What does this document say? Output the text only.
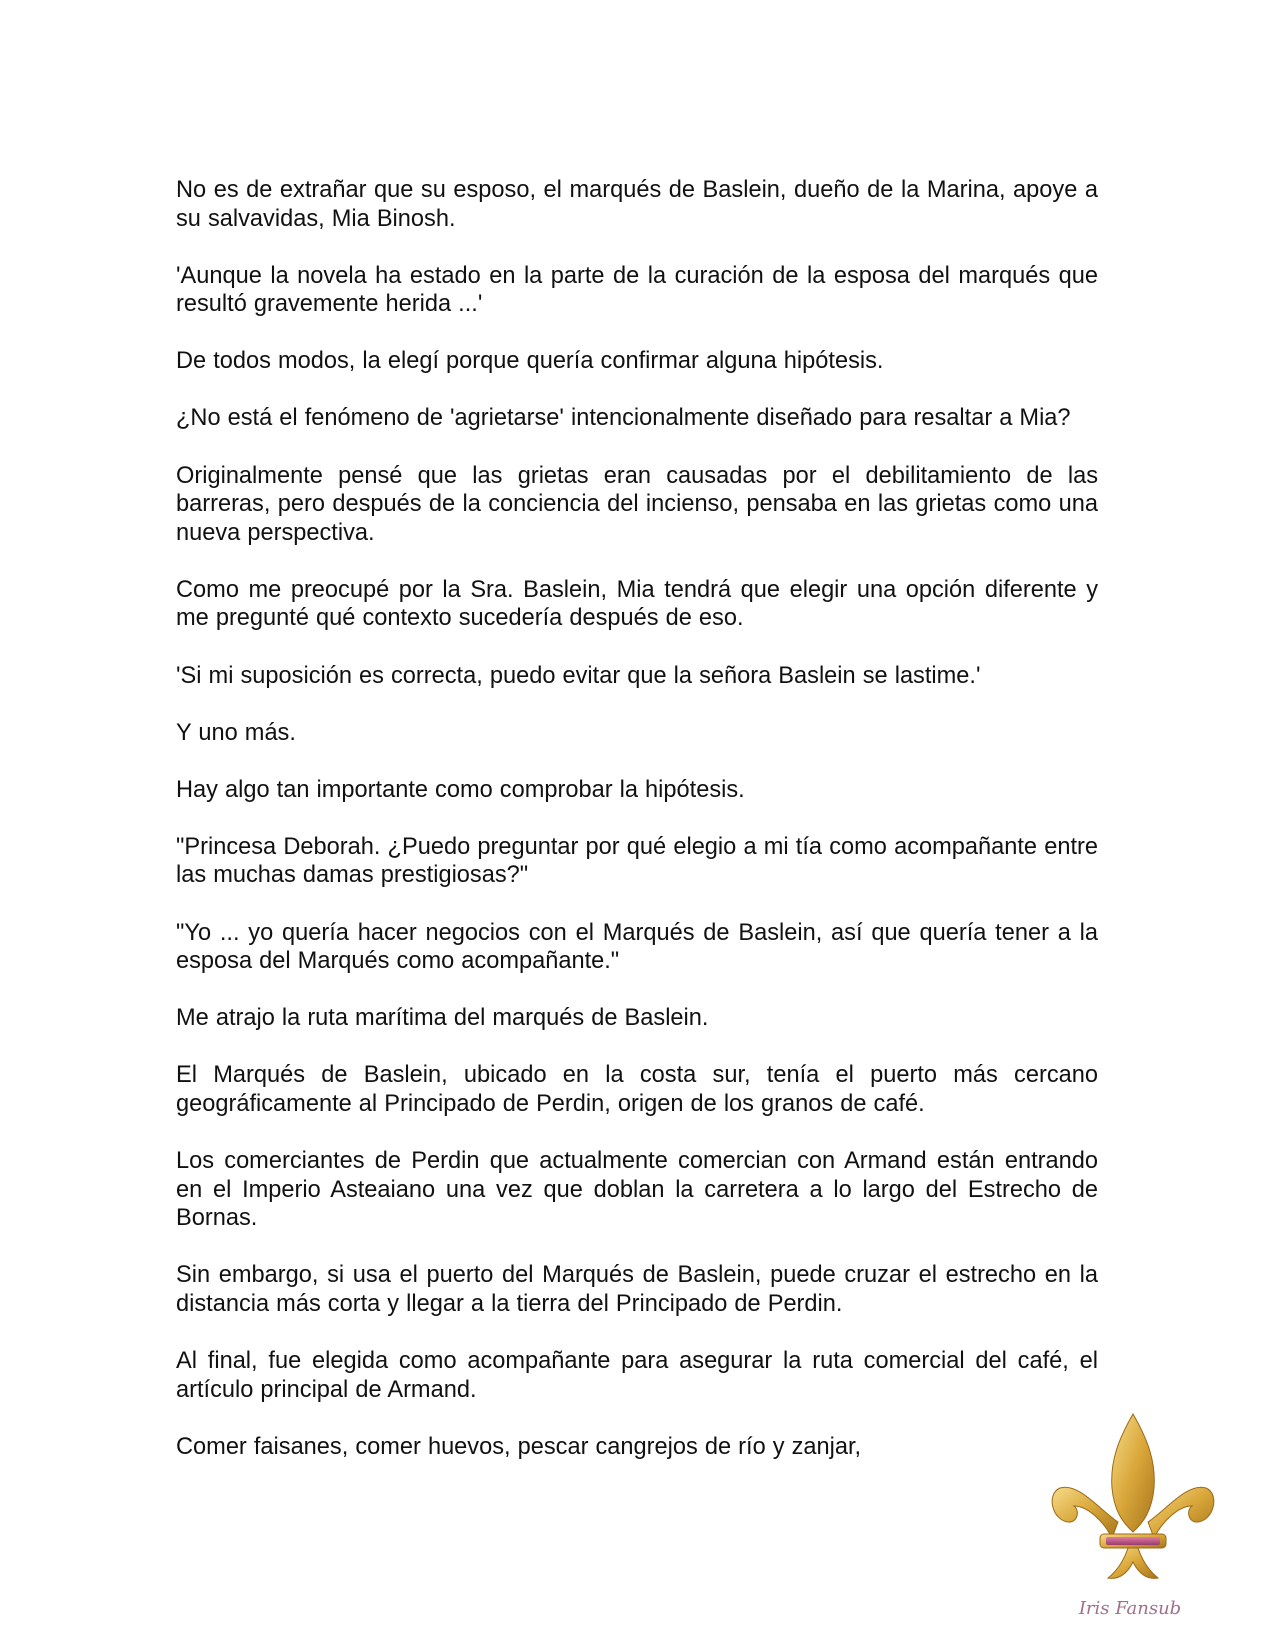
No es de extrañar que su esposo, el marqués de Baslein, dueño de la Marina, apoye a su salvavidas, Mia Binosh.

'Aunque la novela ha estado en la parte de la curación de la esposa del marqués que resultó gravemente herida ...'

De todos modos, la elegí porque quería confirmar alguna hipótesis.

¿No está el fenómeno de 'agrietarse' intencionalmente diseñado para resaltar a Mia?

Originalmente pensé que las grietas eran causadas por el debilitamiento de las barreras, pero después de la conciencia del incienso, pensaba en las grietas como una nueva perspectiva.

Como me preocupé por la Sra. Baslein, Mia tendrá que elegir una opción diferente y me pregunté qué contexto sucedería después de eso.

'Si mi suposición es correcta, puedo evitar que la señora Baslein se lastime.'

Y uno más.

Hay algo tan importante como comprobar la hipótesis.

"Princesa Deborah. ¿Puedo preguntar por qué elegio a mi tía como acompañante entre las muchas damas prestigiosas?"

"Yo ... yo quería hacer negocios con el Marqués de Baslein, así que quería tener a la esposa del Marqués como acompañante."

Me atrajo la ruta marítima del marqués de Baslein.

El Marqués de Baslein, ubicado en la costa sur, tenía el puerto más cercano geográficamente al Principado de Perdin, origen de los granos de café.

Los comerciantes de Perdin que actualmente comercian con Armand están entrando en el Imperio Asteaiano una vez que doblan la carretera a lo largo del Estrecho de Bornas.

Sin embargo, si usa el puerto del Marqués de Baslein, puede cruzar el estrecho en la distancia más corta y llegar a la tierra del Principado de Perdin.

Al final, fue elegida como acompañante para asegurar la ruta comercial del café, el artículo principal de Armand.

Comer faisanes, comer huevos, pescar cangrejos de río y zanjar,

Iris Fansub
